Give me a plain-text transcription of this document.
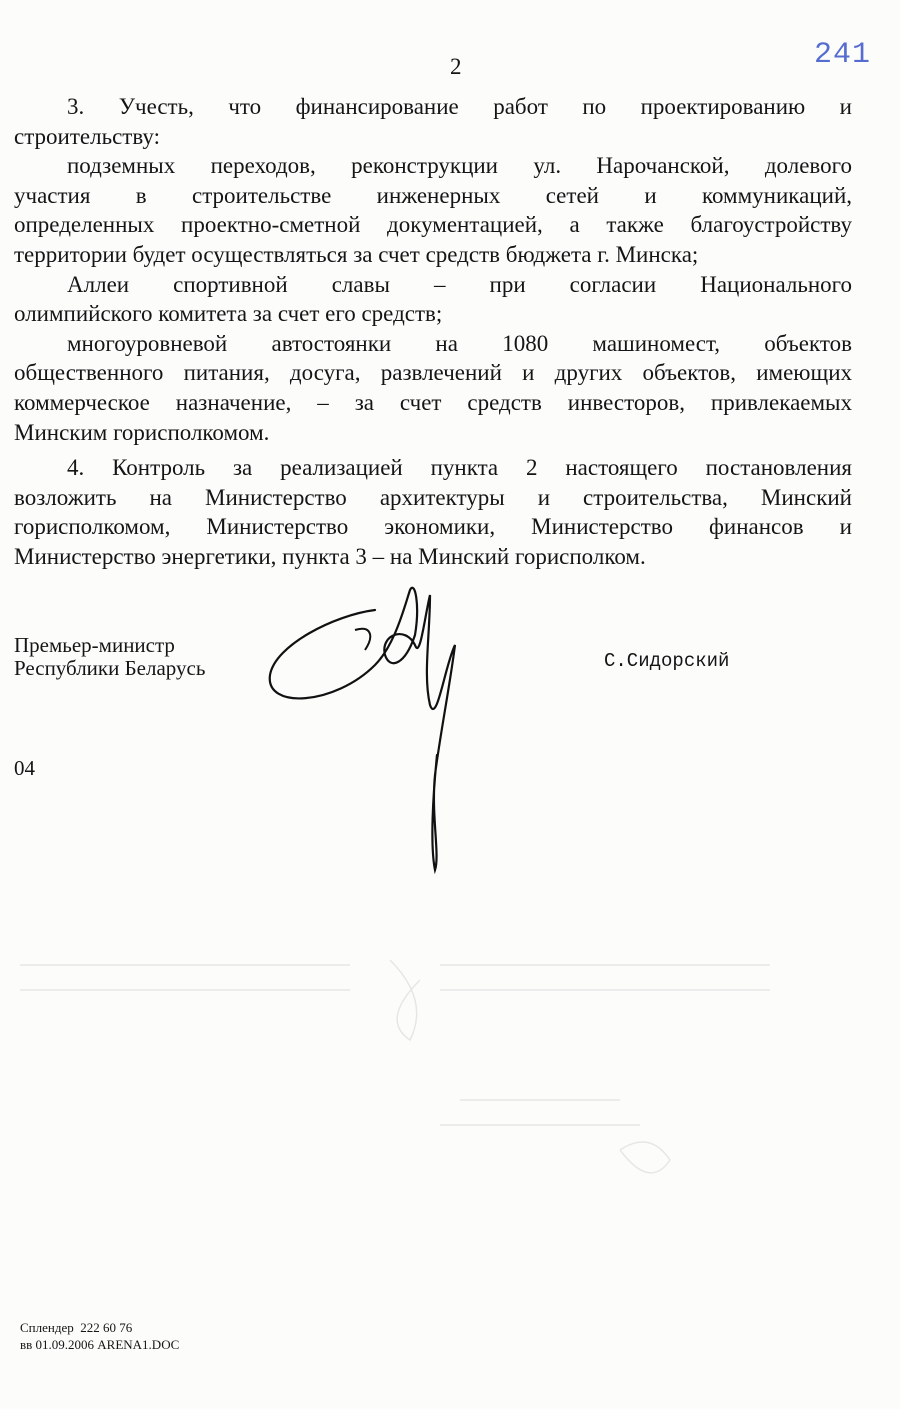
2	241
3. Учесть, что финансирование работ по проектированию и
строительству:
подземных переходов, реконструкции ул. Нарочанской, долевого
участия в строительстве инженерных сетей и коммуникаций,
определенных проектно-сметной документацией, а также благоустройству
территории будет осуществляться за счет средств бюджета г. Минска;
Аллеи спортивной славы – при согласии Национального
олимпийского комитета за счет его средств;
многоуровневой автостоянки на 1080 машиномест, объектов
общественного питания, досуга, развлечений и других объектов, имеющих
коммерческое назначение, – за счет средств инвесторов, привлекаемых
Минским горисполкомом.
4. Контроль за реализацией пункта 2 настоящего постановления
возложить на Министерство архитектуры и строительства, Минский
горисполкомом, Министерство экономики, Министерство финансов и
Министерство энергетики, пункта 3 – на Минский горисполком.
Премьер-министр
Республики Беларусь	С.Сидорский
04
Сплендер  222 60 76
вв 01.09.2006 ARENA1.DOC
